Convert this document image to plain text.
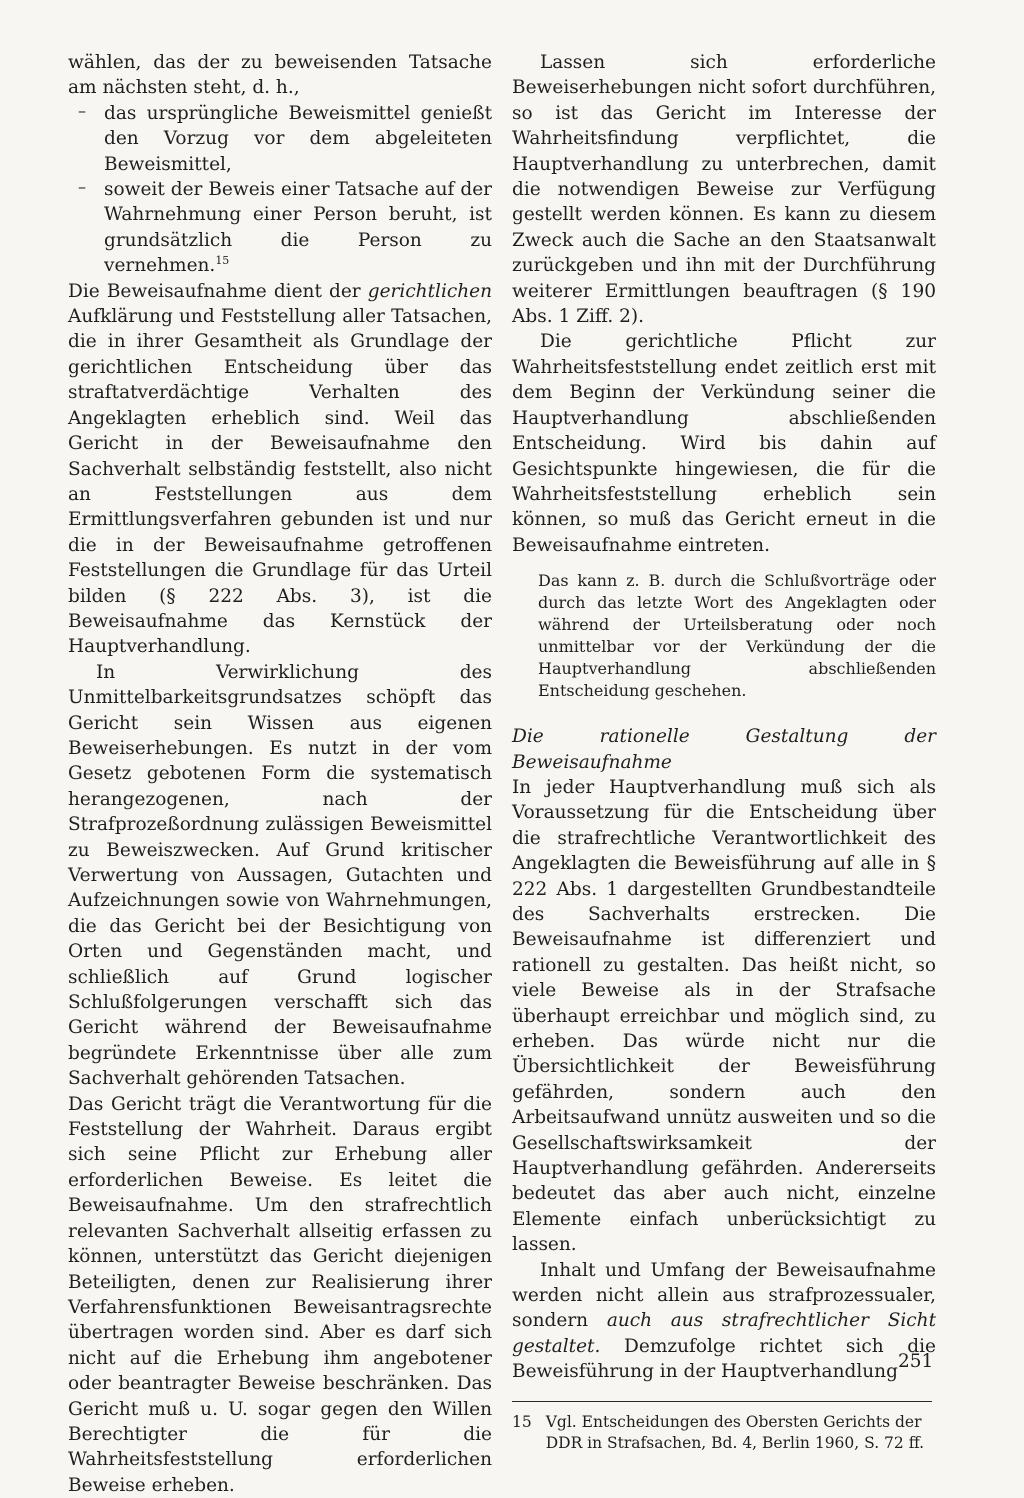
wählen, das der zu beweisenden Tatsache am nächsten steht, d. h.,

– das ursprüngliche Beweismittel genießt den Vorzug vor dem abgeleiteten Beweismittel,
– soweit der Beweis einer Tatsache auf der Wahrnehmung einer Person beruht, ist grundsätzlich die Person zu vernehmen.$^{15}$

Die Beweisaufnahme dient der gerichtlichen Aufklärung und Feststellung aller Tatsachen, die in ihrer Gesamtheit als Grundlage der gerichtlichen Entscheidung über das straftatverdächtige Verhalten des Angeklagten erheblich sind. Weil das Gericht in der Beweisaufnahme den Sachverhalt selbständig feststellt, also nicht an Feststellungen aus dem Ermittlungsverfahren gebunden ist und nur die in der Beweisaufnahme getroffenen Feststellungen die Grundlage für das Urteil bilden (§ 222 Abs. 3), ist die Beweisaufnahme das Kernstück der Hauptverhandlung.

In Verwirklichung des Unmittelbarkeitsgrundsatzes schöpft das Gericht sein Wissen aus eigenen Beweiserhebungen. Es nutzt in der vom Gesetz gebotenen Form die systematisch herangezogenen, nach der Strafprozeßordnung zulässigen Beweismittel zu Beweiszwecken. Auf Grund kritischer Verwertung von Aussagen, Gutachten und Aufzeichnungen sowie von Wahrnehmungen, die das Gericht bei der Besichtigung von Orten und Gegenständen macht, und schließlich auf Grund logischer Schlußfolgerungen verschafft sich das Gericht während der Beweisaufnahme begründete Erkenntnisse über alle zum Sachverhalt gehörenden Tatsachen.

Das Gericht trägt die Verantwortung für die Feststellung der Wahrheit. Daraus ergibt sich seine Pflicht zur Erhebung aller erforderlichen Beweise. Es leitet die Beweisaufnahme. Um den strafrechtlich relevanten Sachverhalt allseitig erfassen zu können, unterstützt das Gericht diejenigen Beteiligten, denen zur Realisierung ihrer Verfahrensfunktionen Beweisantragsrechte übertragen worden sind. Aber es darf sich nicht auf die Erhebung ihm angebotener oder beantragter Beweise beschränken. Das Gericht muß u. U. sogar gegen den Willen Berechtigter die für die Wahrheitsfeststellung erforderlichen Beweise erheben.

Lassen sich erforderliche Beweiserhebungen nicht sofort durchführen, so ist das Gericht im Interesse der Wahrheitsfindung verpflichtet, die Hauptverhandlung zu unterbrechen, damit die notwendigen Beweise zur Verfügung gestellt werden können. Es kann zu diesem Zweck auch die Sache an den Staatsanwalt zurückgeben und ihn mit der Durchführung weiterer Ermittlungen beauftragen (§ 190 Abs. 1 Ziff. 2).

Die gerichtliche Pflicht zur Wahrheitsfeststellung endet zeitlich erst mit dem Beginn der Verkündung seiner die Hauptverhandlung abschließenden Entscheidung. Wird bis dahin auf Gesichtspunkte hingewiesen, die für die Wahrheitsfeststellung erheblich sein können, so muß das Gericht erneut in die Beweisaufnahme eintreten.

Das kann z. B. durch die Schlußvorträge oder durch das letzte Wort des Angeklagten oder während der Urteilsberatung oder noch unmittelbar vor der Verkündung der die Hauptverhandlung abschließenden Entscheidung geschehen.

Die rationelle Gestaltung der Beweisaufnahme

In jeder Hauptverhandlung muß sich als Voraussetzung für die Entscheidung über die strafrechtliche Verantwortlichkeit des Angeklagten die Beweisführung auf alle in § 222 Abs. 1 dargestellten Grundbestandteile des Sachverhalts erstrecken. Die Beweisaufnahme ist differenziert und rationell zu gestalten. Das heißt nicht, so viele Beweise als in der Strafsache überhaupt erreichbar und möglich sind, zu erheben. Das würde nicht nur die Übersichtlichkeit der Beweisführung gefährden, sondern auch den Arbeitsaufwand unnütz ausweiten und so die Gesellschaftswirksamkeit der Hauptverhandlung gefährden. Andererseits bedeutet das aber auch nicht, einzelne Elemente einfach unberücksichtigt zu lassen.

Inhalt und Umfang der Beweisaufnahme werden nicht allein aus strafprozessualer, sondern auch aus strafrechtlicher Sicht gestaltet. Demzufolge richtet sich die Beweisführung in der Hauptverhandlung

15 Vgl. Entscheidungen des Obersten Gerichts der DDR in Strafsachen, Bd. 4, Berlin 1960, S. 72 ff.
251
